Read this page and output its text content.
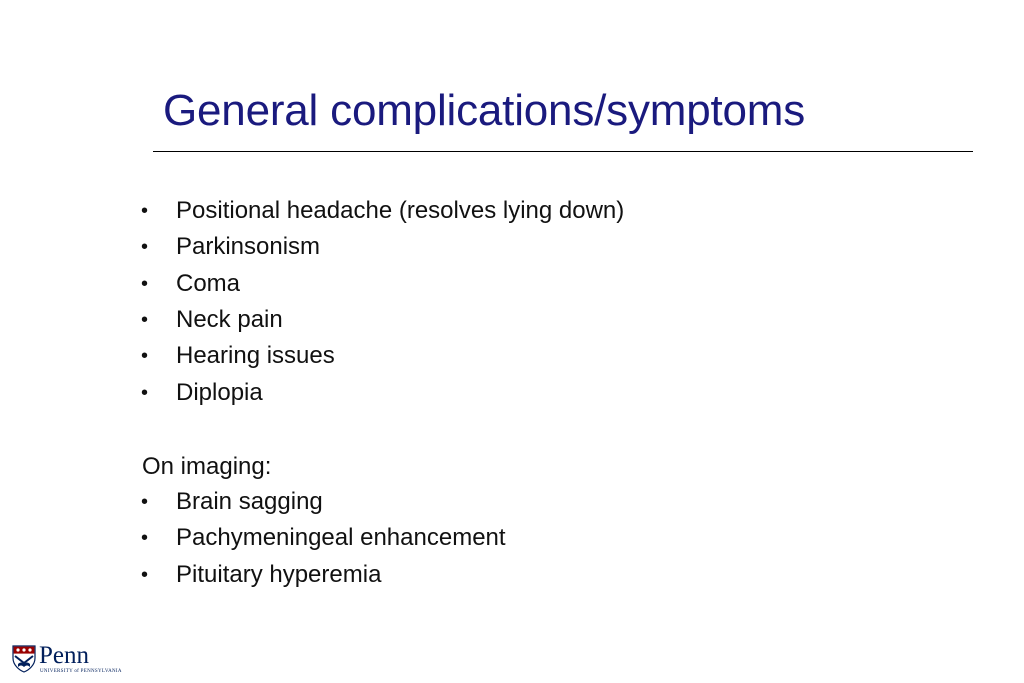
General complications/symptoms
• Positional headache (resolves lying down)
• Parkinsonism
• Coma
• Neck pain
• Hearing issues
• Diplopia
On imaging:
• Brain sagging
• Pachymeningeal enhancement
• Pituitary hyperemia
Penn
UNIVERSITY of PENNSYLVANIA
